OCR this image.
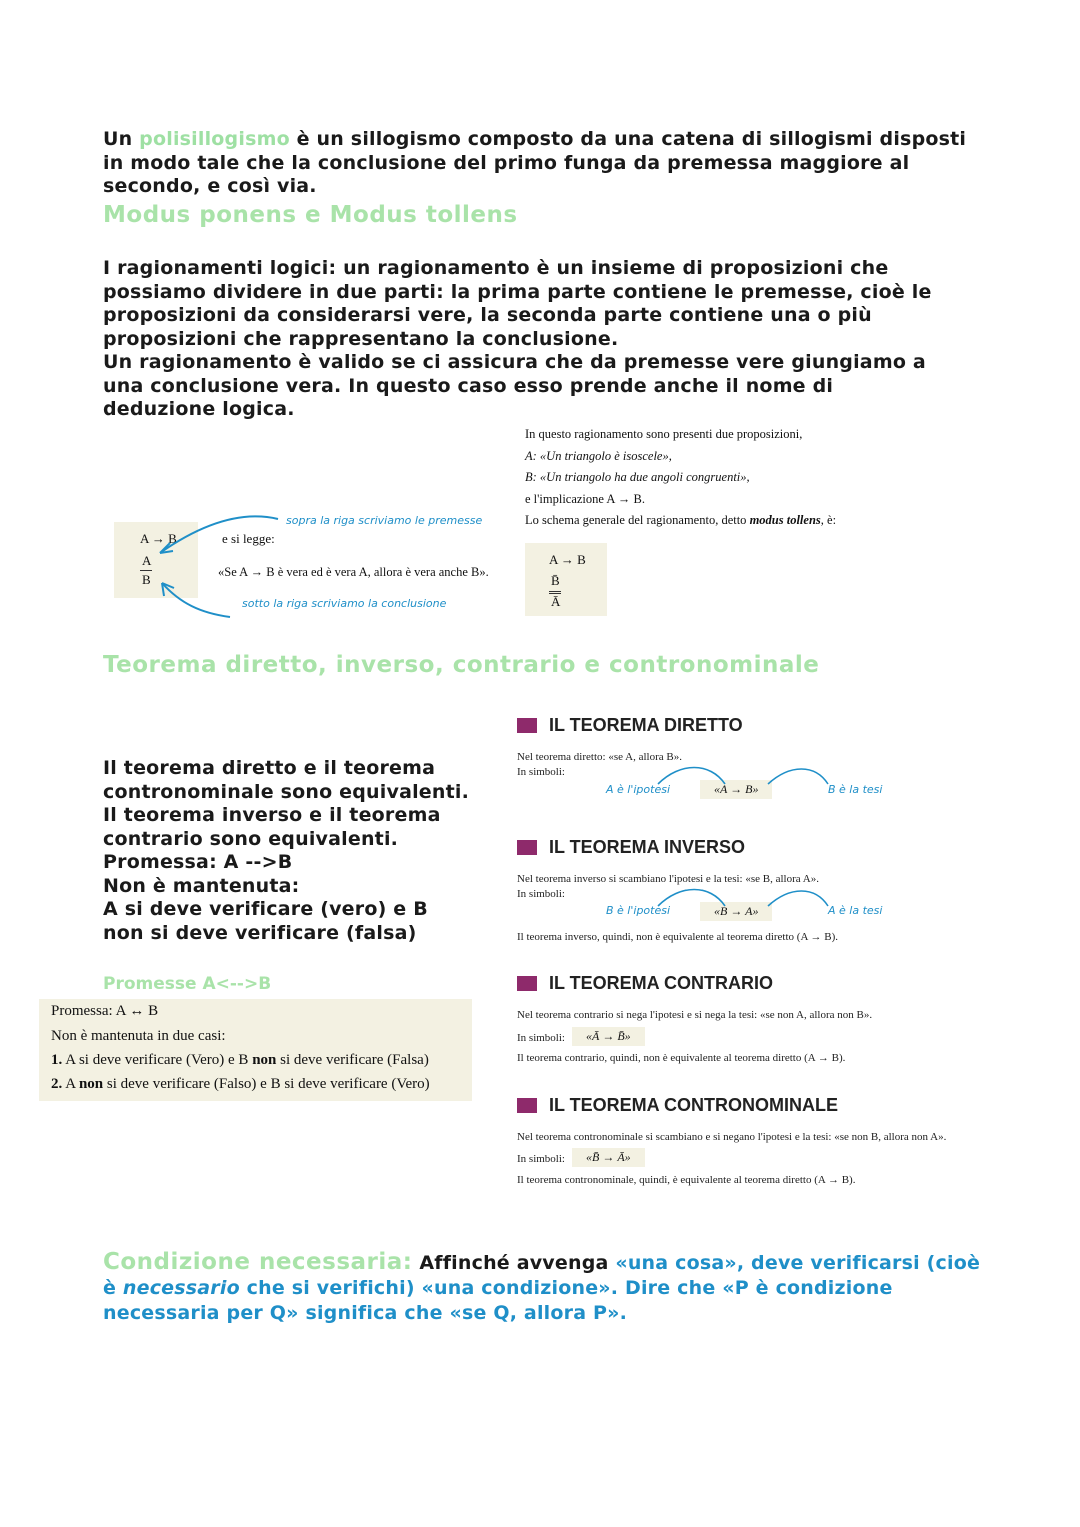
Un polisillogismo è un sillogismo composto da una catena di sillogismi disposti in modo tale che la conclusione del primo funga da premessa maggiore al secondo, e così via.
Modus ponens e Modus tollens
I ragionamenti logici: un ragionamento è un insieme di proposizioni che possiamo dividere in due parti: la prima parte contiene le premesse, cioè le proposizioni da considerarsi vere, la seconda parte contiene una o più proposizioni che rappresentano la conclusione.
Un ragionamento è valido se ci assicura che da premesse vere giungiamo a una conclusione vera. In questo caso esso prende anche il nome di deduzione logica.
A → B
A
B
e si legge:
«Se A → B è vera ed è vera A, allora è vera anche B».
sopra la riga scriviamo le premesse
sotto la riga scriviamo la conclusione
In questo ragionamento sono presenti due proposizioni,
A: «Un triangolo è isoscele»,
B: «Un triangolo ha due angoli congruenti»,
e l'implicazione A → B.
Lo schema generale del ragionamento, detto modus tollens, è:
A → B
B̄
Ā
Teorema diretto, inverso, contrario e contronominale
Il teorema diretto e il teorema contronominale sono equivalenti. Il teorema inverso e il teorema contrario sono equivalenti.
Promessa: A -->B
Non è mantenuta:
A si deve verificare (vero) e B non si deve verificare (falsa)
Promesse A<-->B
Promessa: A ↔ B
Non è mantenuta in due casi:
1. A si deve verificare (Vero) e B non si deve verificare (Falsa)
2. A non si deve verificare (Falso) e B si deve verificare (Vero)
IL TEOREMA DIRETTO
Nel teorema diretto: «se A, allora B».
In simboli:
«A → B»
A è l'ipotesi	B è la tesi
IL TEOREMA INVERSO
Nel teorema inverso si scambiano l'ipotesi e la tesi: «se B, allora A».
In simboli:
«B → A»
B è l'ipotesi	A è la tesi
Il teorema inverso, quindi, non è equivalente al teorema diretto (A → B).
IL TEOREMA CONTRARIO
Nel teorema contrario si nega l'ipotesi e si nega la tesi: «se non A, allora non B».
In simboli:	«Ā → B̄»
Il teorema contrario, quindi, non è equivalente al teorema diretto (A → B).
IL TEOREMA CONTRONOMINALE
Nel teorema contronominale si scambiano e si negano l'ipotesi e la tesi: «se non B, allora non A».
In simboli:	«B̄ → Ā»
Il teorema contronominale, quindi, è equivalente al teorema diretto (A → B).
Condizione necessaria: Affinché avvenga «una cosa», deve verificarsi (cioè è necessario che si verifichi) «una condizione». Dire che «P è condizione necessaria per Q» significa che «se Q, allora P».
